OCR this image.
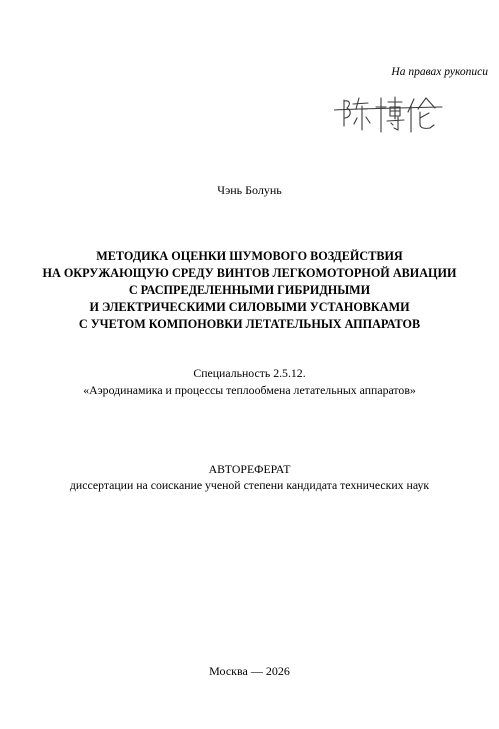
На правах рукописи
Чэнь Болунь
МЕТОДИКА ОЦЕНКИ ШУМОВОГО ВОЗДЕЙСТВИЯ
НА ОКРУЖАЮЩУЮ СРЕДУ ВИНТОВ ЛЕГКОМОТОРНОЙ АВИАЦИИ
С РАСПРЕДЕЛЕННЫМИ ГИБРИДНЫМИ
И ЭЛЕКТРИЧЕСКИМИ СИЛОВЫМИ УСТАНОВКАМИ
С УЧЕТОМ КОМПОНОВКИ ЛЕТАТЕЛЬНЫХ АППАРАТОВ
Специальность 2.5.12.
«Аэродинамика и процессы теплообмена летательных аппаратов»
АВТОРЕФЕРАТ
диссертации на соискание ученой степени кандидата технических наук
Москва — 2026
